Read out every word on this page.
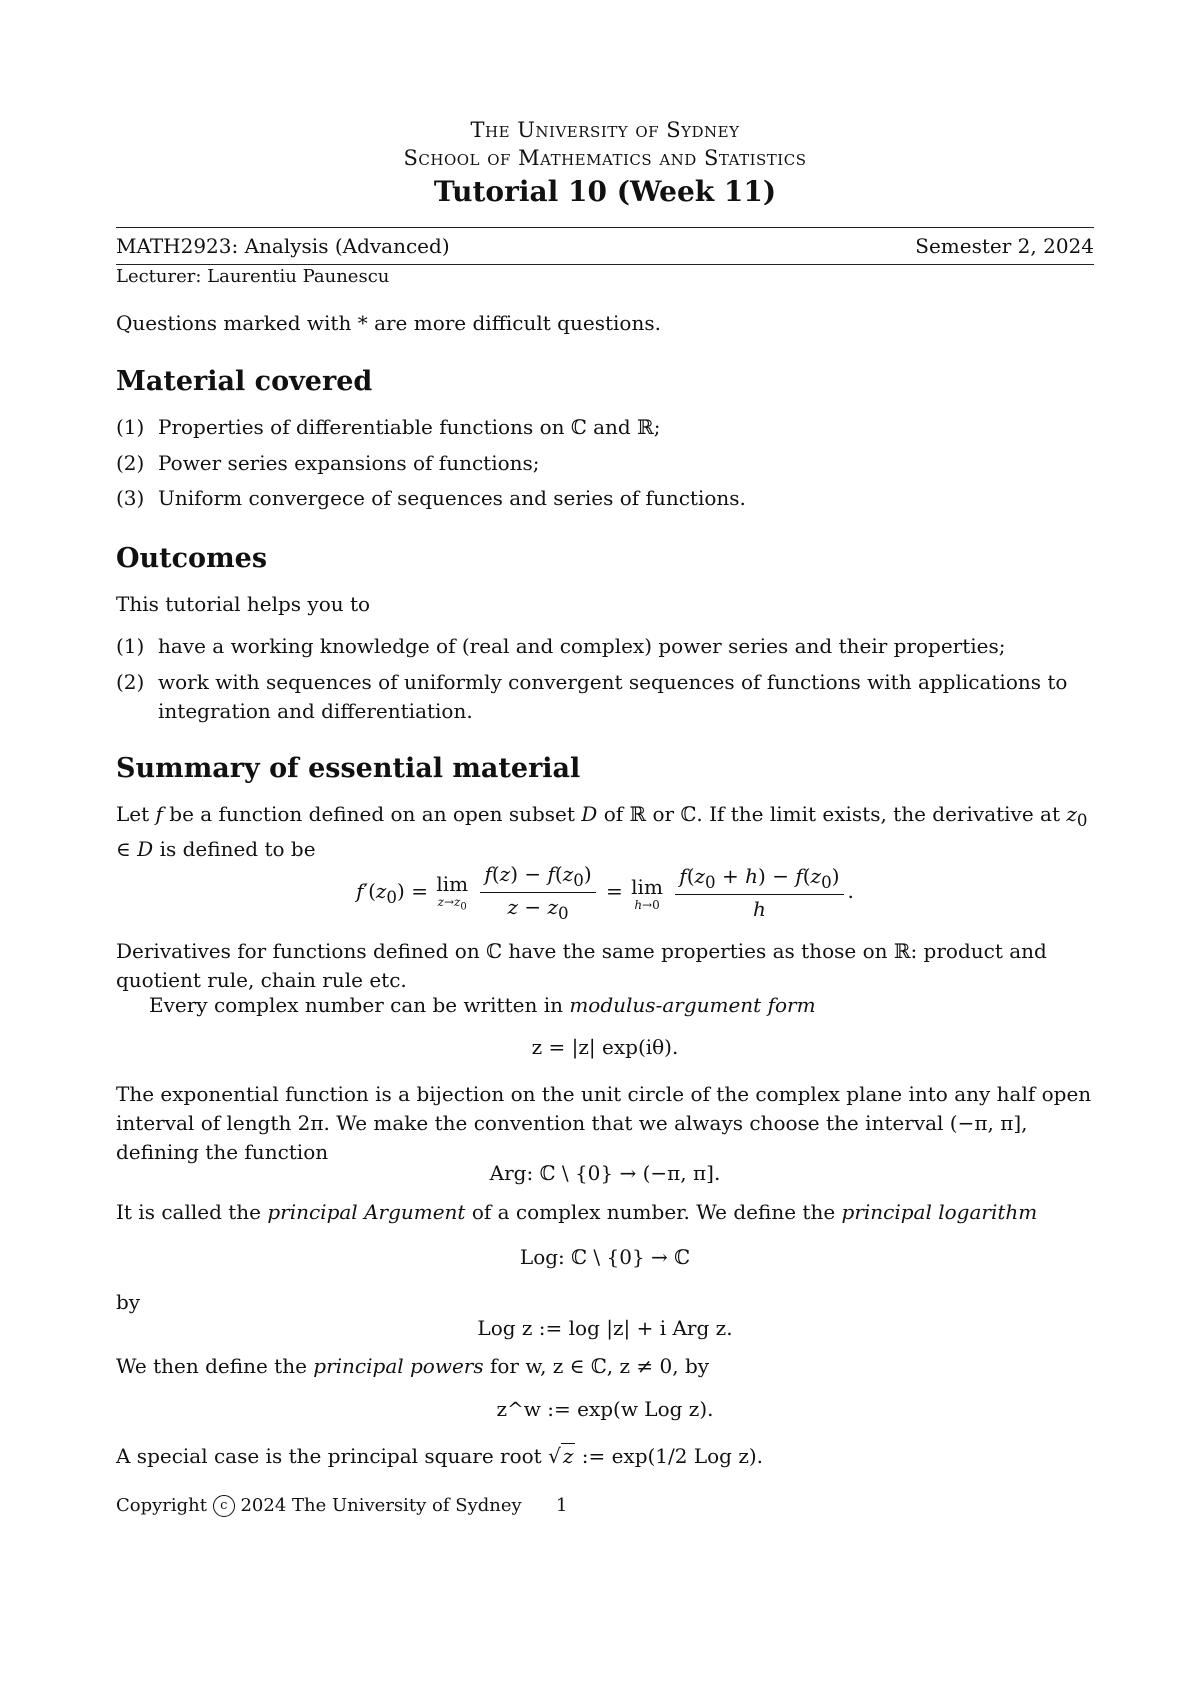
The University of Sydney
School of Mathematics and Statistics
Tutorial 10 (Week 11)
MATH2923: Analysis (Advanced)	Semester 2, 2024
Lecturer: Laurentiu Paunescu
Questions marked with * are more difficult questions.
Material covered
(1) Properties of differentiable functions on ℂ and ℝ;
(2) Power series expansions of functions;
(3) Uniform convergece of sequences and series of functions.
Outcomes
This tutorial helps you to
(1) have a working knowledge of (real and complex) power series and their properties;
(2) work with sequences of uniformly convergent sequences of functions with applications to integration and differentiation.
Summary of essential material
Let f be a function defined on an open subset D of ℝ or ℂ. If the limit exists, the derivative at $z_0$ ∈ D is defined to be
$f'(z_0) = \lim$
$z\to z_0$
$\frac{f(z) - f(z_0)}{z - z_0} = \lim$
h→0
$\frac{f(z_0 + h) - f(z_0)}{h}$ .
Derivatives for functions defined on ℂ have the same properties as those on ℝ: product and quotient rule, chain rule etc.
Every complex number can be written in modulus-argument form
z = |z| exp(iθ).
The exponential function is a bijection on the unit circle of the complex plane into any half open interval of length 2π. We make the convention that we always choose the interval (−π, π], defining the function
Arg: ℂ \ {0} → (−π, π].
It is called the principal Argument of a complex number. We define the principal logarithm
Log: ℂ \ {0} → ℂ
by
Log z := log |z| + i Arg z.
We then define the principal powers for w, z ∈ ℂ, z ≠ 0, by
z^w := exp(w Log z).
A special case is the principal square root √ z := exp(1/2 Log z).
Copyright c 2024 The University of Sydney 1
